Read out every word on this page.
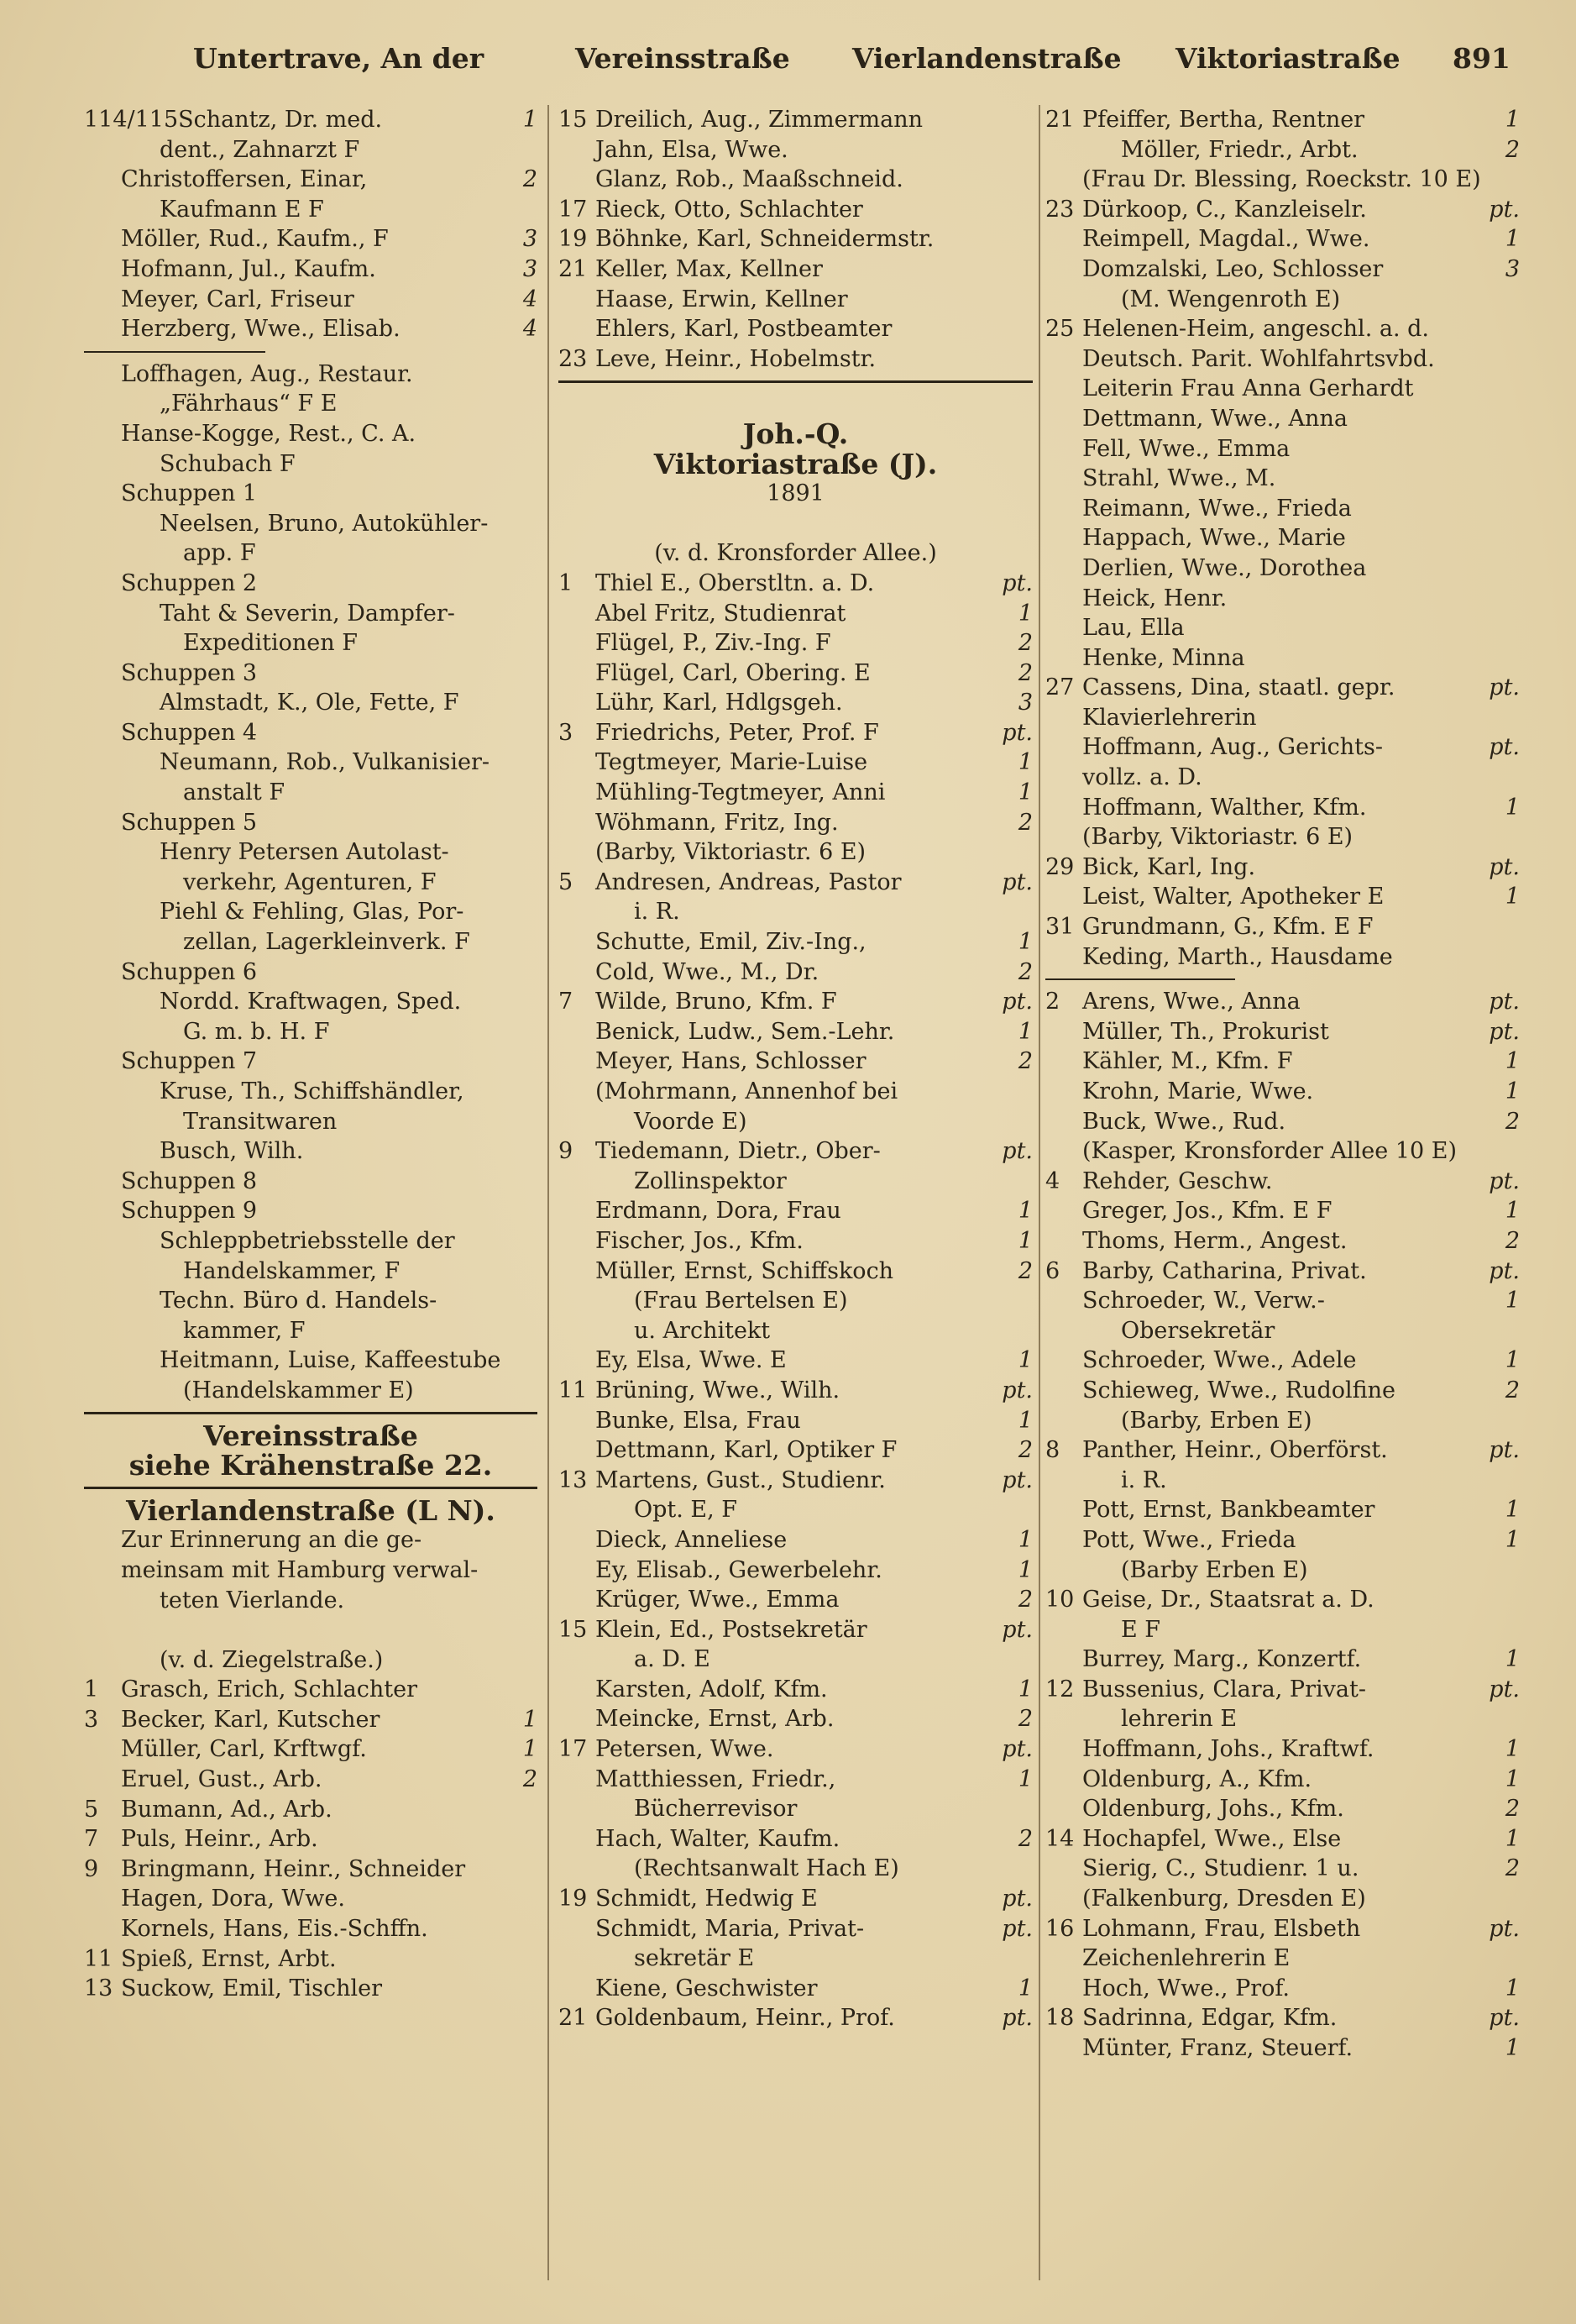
Untertrave, An der	Vereinsstraße Vierlandenstraße Viktoriastraße 891
114/115 Schantz, Dr. med.	1
dent., Zahnarzt F
Christoffersen, Einar,	2
Kaufmann E F
Möller, Rud., Kaufm., F	3
Hofmann, Jul., Kaufm.	3
Meyer, Carl, Friseur	4
Herzberg, Wwe., Elisab.	4
Loffhagen, Aug., Restaur.
„Fährhaus“ F E
Hanse-Kogge, Rest., C. A.
Schubach F
Schuppen 1
Neelsen, Bruno, Autokühler-
app. F
Schuppen 2
Taht & Severin, Dampfer-
Expeditionen F
Schuppen 3
Almstadt, K., Ole, Fette, F
Schuppen 4
Neumann, Rob., Vulkanisier-
anstalt F
Schuppen 5
Henry Petersen Autolast-
verkehr, Agenturen, F
Piehl & Fehling, Glas, Por-
zellan, Lagerkleinverk. F
Schuppen 6
Nordd. Kraftwagen, Sped.
G. m. b. H. F
Schuppen 7
Kruse, Th., Schiffshändler,
Transitwaren
Busch, Wilh.
Schuppen 8
Schuppen 9
Schleppbetriebsstelle der
Handelskammer, F
Techn. Büro d. Handels-
kammer, F
Heitmann, Luise, Kaffeestube
(Handelskammer E)
Vereinsstraße
siehe Krähenstraße 22.
Vierlandenstraße (L N).
Zur Erinnerung an die ge-
meinsam mit Hamburg verwal-
teten Vierlande.
(v. d. Ziegelstraße.)
1 Grasch, Erich, Schlachter
3 Becker, Karl, Kutscher	1
Müller, Carl, Krftwgf.	1
Eruel, Gust., Arb.	2
5 Bumann, Ad., Arb.
7 Puls, Heinr., Arb.
9 Bringmann, Heinr., Schneider
Hagen, Dora, Wwe.
Kornels, Hans, Eis.-Schffn.
11 Spieß, Ernst, Arbt.
13 Suckow, Emil, Tischler
15 Dreilich, Aug., Zimmermann
Jahn, Elsa, Wwe.
Glanz, Rob., Maaßschneid.
17 Rieck, Otto, Schlachter
19 Böhnke, Karl, Schneidermstr.
21 Keller, Max, Kellner
Haase, Erwin, Kellner
Ehlers, Karl, Postbeamter
23 Leve, Heinr., Hobelmstr.
Joh.-Q.
Viktoriastraße (J).
1891
(v. d. Kronsforder Allee.)
1 Thiel E., Oberstltn. a. D.	pt.
Abel Fritz, Studienrat	1
Flügel, P., Ziv.-Ing. F	2
Flügel, Carl, Obering. E	2
Lühr, Karl, Hdlgsgeh.	3
3 Friedrichs, Peter, Prof. F	pt.
Tegtmeyer, Marie-Luise	1
Mühling-Tegtmeyer, Anni	1
Wöhmann, Fritz, Ing.	2
(Barby, Viktoriastr. 6 E)
5 Andresen, Andreas, Pastor	pt.
i. R.
Schutte, Emil, Ziv.-Ing.,	1
Cold, Wwe., M., Dr.	2
7 Wilde, Bruno, Kfm. F	pt.
Benick, Ludw., Sem.-Lehr.	1
Meyer, Hans, Schlosser	2
(Mohrmann, Annenhof bei
Voorde E)
9 Tiedemann, Dietr., Ober-	pt.
Zollinspektor
Erdmann, Dora, Frau	1
Fischer, Jos., Kfm.	1
Müller, Ernst, Schiffskoch	2
(Frau Bertelsen E)
u. Architekt
Ey, Elsa, Wwe. E	1
11 Brüning, Wwe., Wilh.	pt.
Bunke, Elsa, Frau	1
Dettmann, Karl, Optiker F	2
13 Martens, Gust., Studienr.	pt.
Opt. E, F
Dieck, Anneliese	1
Ey, Elisab., Gewerbelehr.	1
Krüger, Wwe., Emma	2
15 Klein, Ed., Postsekretär	pt.
a. D. E
Karsten, Adolf, Kfm.	1
Meincke, Ernst, Arb.	2
17 Petersen, Wwe.	pt.
Matthiessen, Friedr.,	1
Bücherrevisor
Hach, Walter, Kaufm.	2
(Rechtsanwalt Hach E)
19 Schmidt, Hedwig E	pt.
Schmidt, Maria, Privat-	pt.
sekretär E
Kiene, Geschwister	1
21 Goldenbaum, Heinr., Prof.	pt.
21 Pfeiffer, Bertha, Rentner	1
Möller, Friedr., Arbt.	2
(Frau Dr. Blessing, Roeckstr. 10 E)
23 Dürkoop, C., Kanzleiselr.	pt.
Reimpell, Magdal., Wwe.	1
Domzalski, Leo, Schlosser	3
(M. Wengenroth E)
25 Helenen-Heim, angeschl. a. d.
Deutsch. Parit. Wohlfahrtsvbd.
Leiterin Frau Anna Gerhardt
Dettmann, Wwe., Anna
Fell, Wwe., Emma
Strahl, Wwe., M.
Reimann, Wwe., Frieda
Happach, Wwe., Marie
Derlien, Wwe., Dorothea
Heick, Henr.
Lau, Ella
Henke, Minna
27 Cassens, Dina, staatl. gepr.	pt.
Klavierlehrerin
Hoffmann, Aug., Gerichts-	pt.
vollz. a. D.
Hoffmann, Walther, Kfm.	1
(Barby, Viktoriastr. 6 E)
29 Bick, Karl, Ing.	pt.
Leist, Walter, Apotheker E	1
31 Grundmann, G., Kfm. E F
Keding, Marth., Hausdame
2 Arens, Wwe., Anna	pt.
Müller, Th., Prokurist	pt.
Kähler, M., Kfm. F	1
Krohn, Marie, Wwe.	1
Buck, Wwe., Rud.	2
(Kasper, Kronsforder Allee 10 E)
4 Rehder, Geschw.	pt.
Greger, Jos., Kfm. E F	1
Thoms, Herm., Angest.	2
6 Barby, Catharina, Privat.	pt.
Schroeder, W., Verw.-	1
Obersekretär
Schroeder, Wwe., Adele	1
Schieweg, Wwe., Rudolfine	2
(Barby, Erben E)
8 Panther, Heinr., Oberförst.	pt.
i. R.
Pott, Ernst, Bankbeamter	1
Pott, Wwe., Frieda	1
(Barby Erben E)
10 Geise, Dr., Staatsrat a. D.
E F
Burrey, Marg., Konzertf.	1
12 Bussenius, Clara, Privat-	pt.
lehrerin E
Hoffmann, Johs., Kraftwf.	1
Oldenburg, A., Kfm.	1
Oldenburg, Johs., Kfm.	2
14 Hochapfel, Wwe., Else	1
Sierig, C., Studienr. 1 u.	2
(Falkenburg, Dresden E)
16 Lohmann, Frau, Elsbeth	pt.
Zeichenlehrerin E
Hoch, Wwe., Prof.	1
18 Sadrinna, Edgar, Kfm.	pt.
Münter, Franz, Steuerf.	1
